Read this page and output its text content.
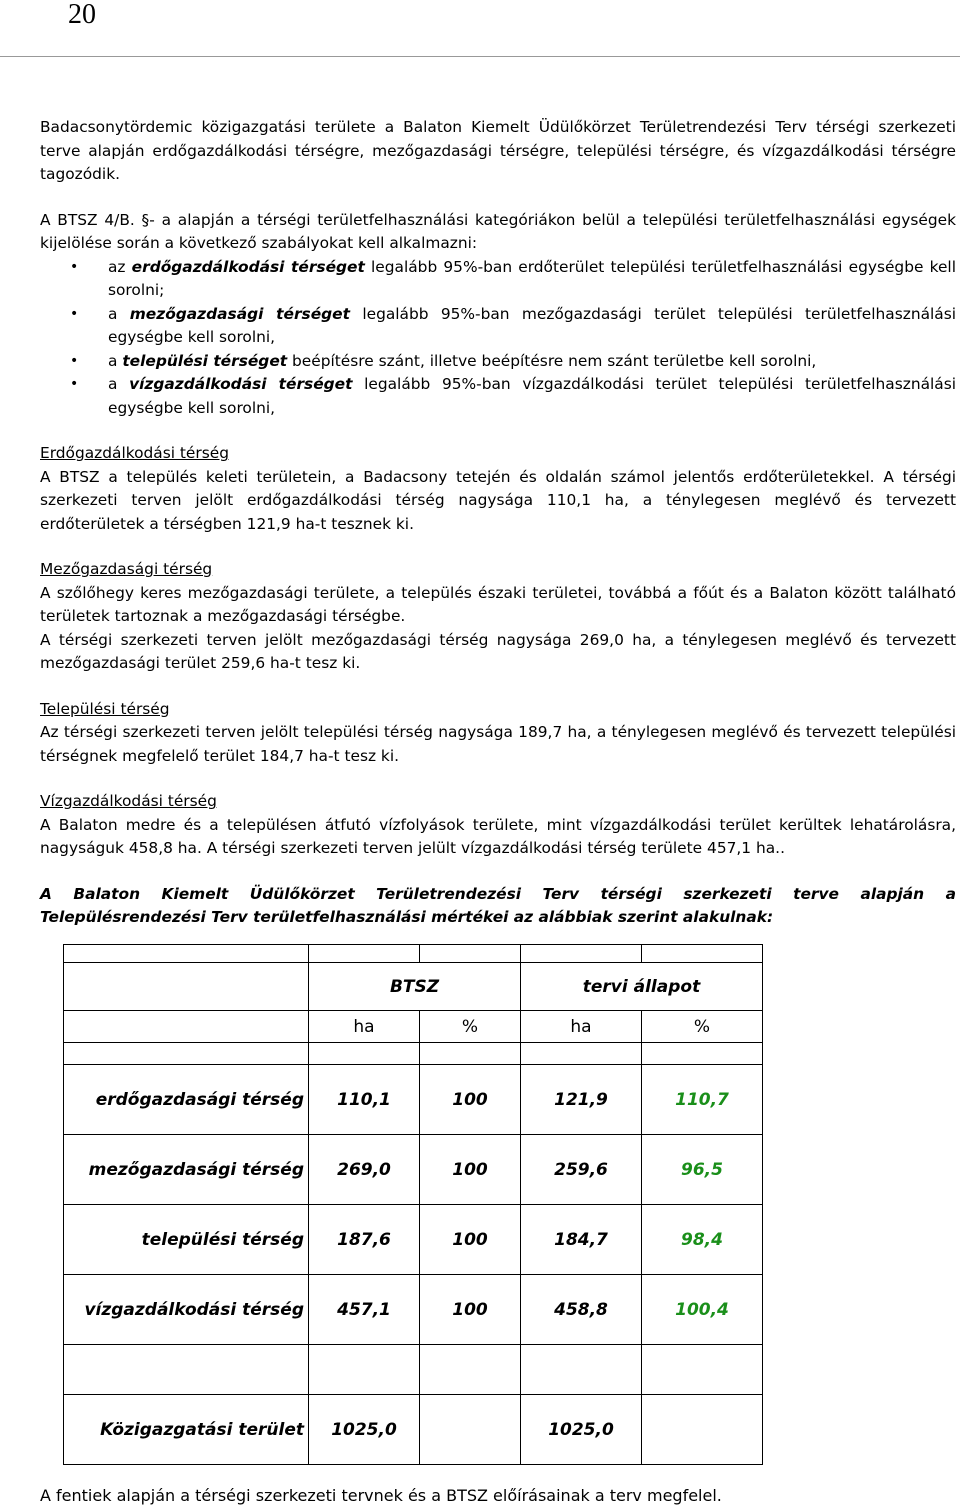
20

Badacsonytördemic közigazgatási területe a Balaton Kiemelt Üdülőkörzet Területrendezési Terv térségi szerkezeti terve alapján erdőgazdálkodási térségre, mezőgazdasági térségre, települési térségre, és vízgazdálkodási térségre tagozódik.

A BTSZ 4/B. §- a alapján a térségi területfelhasználási kategóriákon belül a települési területfelhasználási egységek kijelölése során a következő szabályokat kell alkalmazni:

• az erdőgazdálkodási térséget legalább 95%-ban erdőterület települési területfelhasználási egységbe kell sorolni;
• a mezőgazdasági térséget legalább 95%-ban mezőgazdasági terület települési területfelhasználási egységbe kell sorolni,
• a települési térséget beépítésre szánt, illetve beépítésre nem szánt területbe kell sorolni,
• a vízgazdálkodási térséget legalább 95%-ban vízgazdálkodási terület települési területfelhasználási egységbe kell sorolni,

Erdőgazdálkodási térség

A BTSZ a település keleti területein, a Badacsony tetején és oldalán számol jelentős erdőterületekkel. A térségi szerkezeti terven jelölt erdőgazdálkodási térség nagysága 110,1 ha, a ténylegesen meglévő és tervezett erdőterületek a térségben 121,9 ha-t tesznek ki.

Mezőgazdasági térség

A szőlőhegy keres mezőgazdasági területe, a település északi területei, továbbá a főút és a Balaton között található területek tartoznak a mezőgazdasági térségbe.

A térségi szerkezeti terven jelölt mezőgazdasági térség nagysága 269,0 ha, a ténylegesen meglévő és tervezett mezőgazdasági terület 259,6 ha-t tesz ki.

Települési térség

Az térségi szerkezeti terven jelölt települési térség nagysága 189,7 ha, a ténylegesen meglévő és tervezett települési térségnek megfelelő terület 184,7 ha-t tesz ki.

Vízgazdálkodási térség

A Balaton medre és a településen átfutó vízfolyások területe, mint vízgazdálkodási terület kerültek lehatárolásra, nagyságuk 458,8 ha. A térségi szerkezeti terven jelült vízgazdálkodási térség területe 457,1 ha..

A Balaton Kiemelt Üdülőkörzet Területrendezési Terv térségi szerkezeti terve alapján a Településrendezési Terv területfelhasználási mértékei az alábbiak szerint alakulnak:

	BTSZ		tervi állapot	
	ha	%	ha	%

erdőgazdasági térség	110,1	100	121,9	110,7
mezőgazdasági térség	269,0	100	259,6	96,5
települési térség	187,6	100	184,7	98,4
vízgazdálkodási térség	457,1	100	458,8	100,4

Közigazgatási terület	1025,0		1025,0	
A fentiek alapján a térségi szerkezeti tervnek és a BTSZ előírásainak a terv megfelel.
